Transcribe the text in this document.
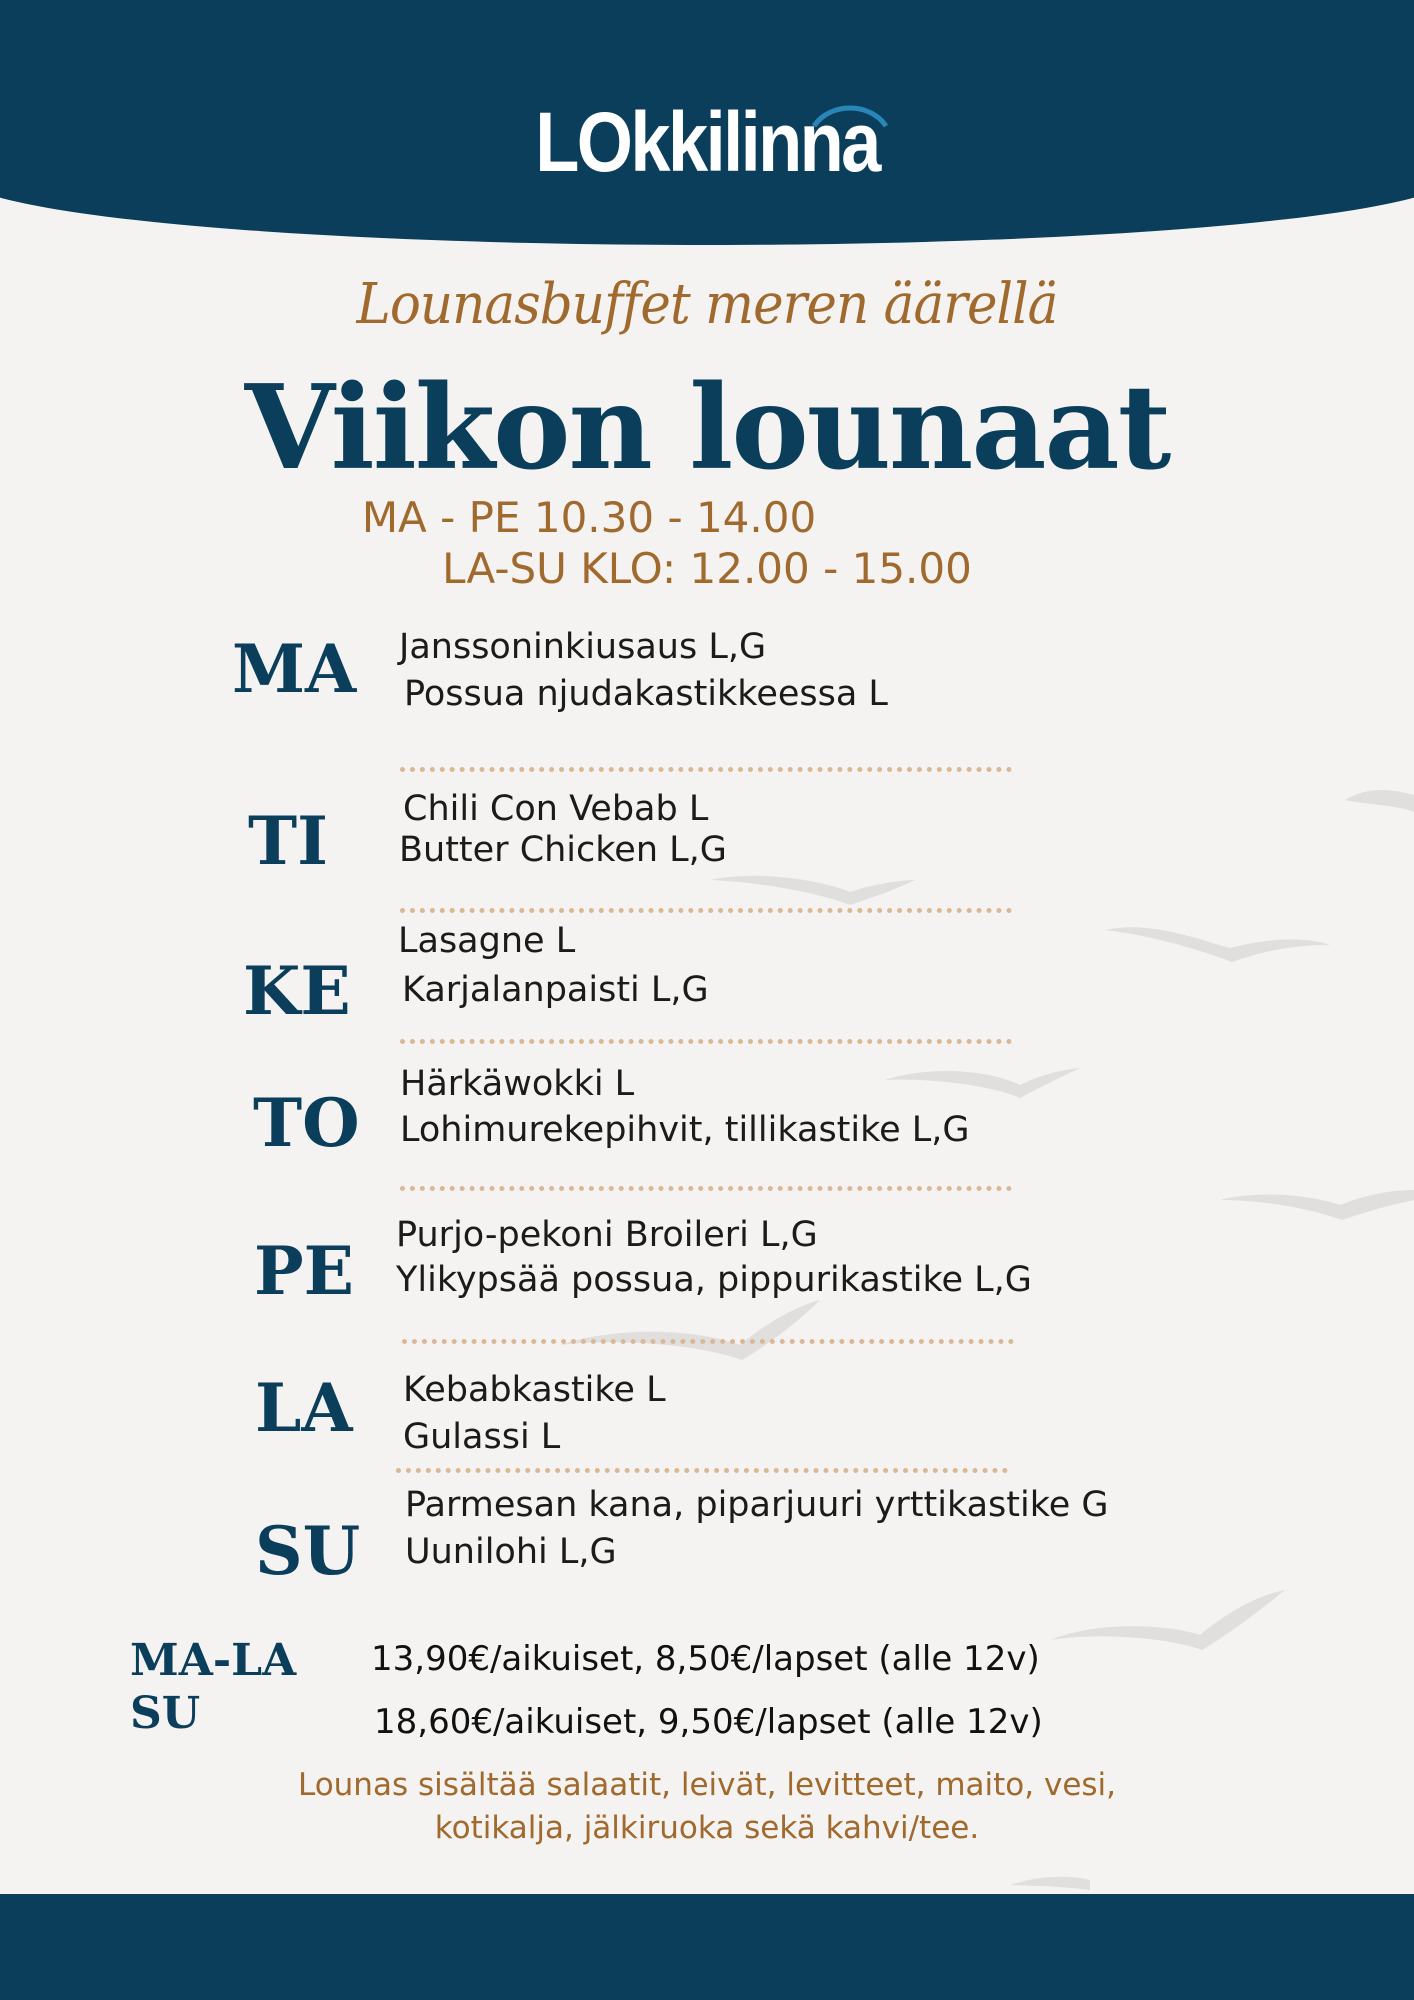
LOkkilinna
Lounasbuffet meren äärellä
Viikon lounaat
MA - PE 10.30 - 14.00
LA-SU KLO: 12.00 - 15.00
MA Janssoninkiusaus L,G
Possua njudakastikkeessa L
TI Chili Con Vebab L
Butter Chicken L,G
KE
Lasagne L
Karjalanpaisti L,G
TO Härkäwokki L
Lohimurekepihvit, tillikastike L,G
PE Purjo-pekoni Broileri L,G
Ylikypsää possua, pippurikastike L,G
LA Kebabkastike L
Gulassi L
SU
Parmesan kana, piparjuuri yrttikastike G
Uunilohi L,G
MA-LA
SU
13,90€/aikuiset, 8,50€/lapset (alle 12v)
18,60€/aikuiset, 9,50€/lapset (alle 12v)
Lounas sisältää salaatit, leivät, levitteet, maito, vesi,
kotikalja, jälkiruoka sekä kahvi/tee.
